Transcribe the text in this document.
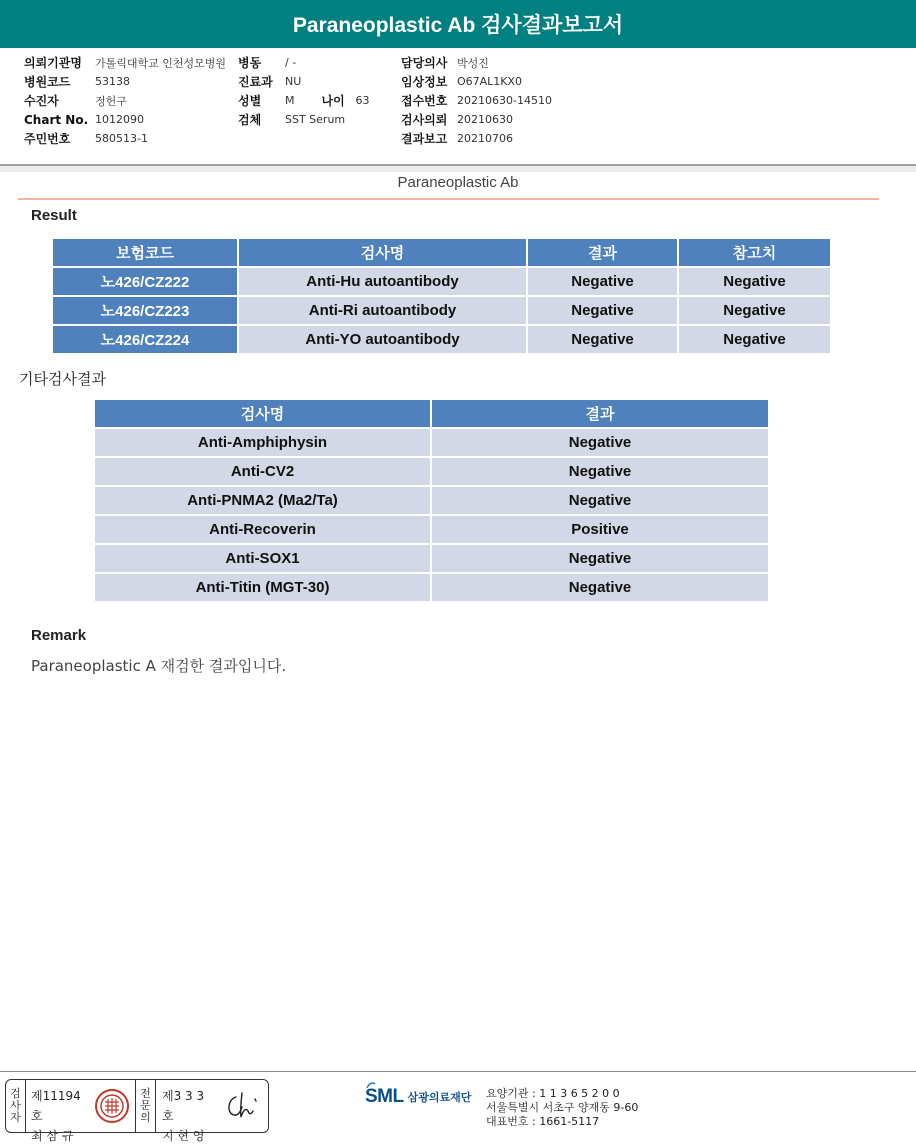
Paraneoplastic Ab 검사결과보고서
의뢰기관명	가톨릭대학교 인천성모병원
병원코드	53138
수진자	정헌구
Chart No. 1012090
주민번호	580513-1
병동	/ -
진료과	NU
성별	M 나이 63
검체	SST Serum
담당의사 박성진
임상정보 O67AL1KX0
접수번호 20210630-14510
검사의뢰 20210630
결과보고 20210706
Paraneoplastic Ab
Result
보험코드	검사명	결과	참고치
노426/CZ222	Anti-Hu autoantibody	Negative	Negative
노426/CZ223	Anti-Ri autoantibody	Negative	Negative
노426/CZ224	Anti-YO autoantibody	Negative	Negative
기타검사결과
검사명	결과
Anti-Amphiphysin	Negative
Anti-CV2	Negative
Anti-PNMA2 (Ma2/Ta)	Negative
Anti-Recoverin	Positive
Anti-SOX1	Negative
Anti-Titin (MGT-30)	Negative
Remark
Paraneoplastic A 재검한 결과입니다.
검
사
자
제11194호
최 삼 규
전
문
의
제3 3 3 호
지 현 영
SML 삼광의료재단 요양기관 : 1 1 3 6 5 2 0 0
서울특별시 서초구 양재동 9-60
대표번호 : 1661-5117
